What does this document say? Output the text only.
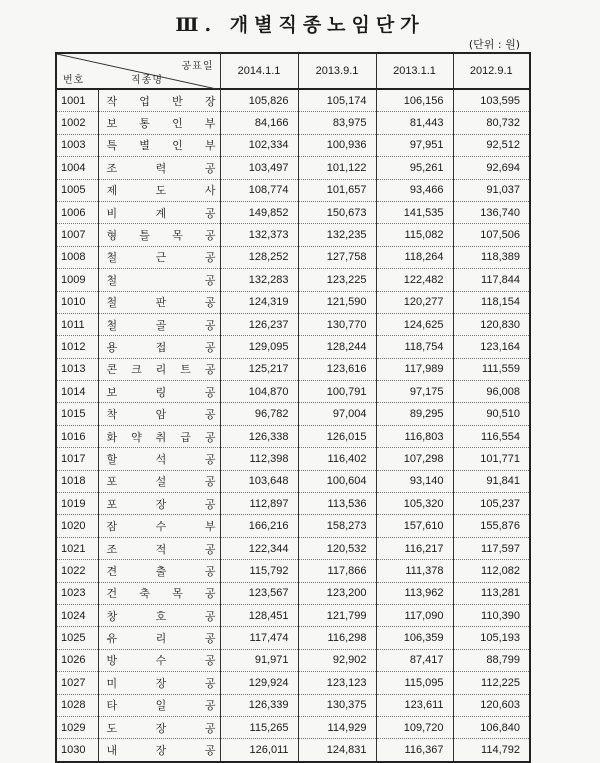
Ⅲ. 개별직종노임단가
(단위 : 원)
공표일
번호 직종명		2014.1.1	2013.9.1	2013.1.1	2012.9.1
1001	작 업 반 장	105,826	105,174	106,156	103,595
1002	보 통 인 부	84,166	83,975	81,443	80,732
1003	특 별 인 부	102,334	100,936	97,951	92,512
1004	조 력 공	103,497	101,122	95,261	92,694
1005	제 도 사	108,774	101,657	93,466	91,037
1006	비 계 공	149,852	150,673	141,535	136,740
1007	형 틀 목 공	132,373	132,235	115,082	107,506
1008	철 근 공	128,252	127,758	118,264	118,389
1009	철 공	132,283	123,225	122,482	117,844
1010	철 판 공	124,319	121,590	120,277	118,154
1011	철 골 공	126,237	130,770	124,625	120,830
1012	용 접 공	129,095	128,244	118,754	123,164
1013	콘 크 리 트 공	125,217	123,616	117,989	111,559
1014	보 링 공	104,870	100,791	97,175	96,008
1015	착 암 공	96,782	97,004	89,295	90,510
1016	화 약 취 급 공	126,338	126,015	116,803	116,554
1017	할 석 공	112,398	116,402	107,298	101,771
1018	포 설 공	103,648	100,604	93,140	91,841
1019	포 장 공	112,897	113,536	105,320	105,237
1020	잠 수 부	166,216	158,273	157,610	155,876
1021	조 적 공	122,344	120,532	116,217	117,597
1022	견 출 공	115,792	117,866	111,378	112,082
1023	건 축 목 공	123,567	123,200	113,962	113,281
1024	창 호 공	128,451	121,799	117,090	110,390
1025	유 리 공	117,474	116,298	106,359	105,193
1026	방 수 공	91,971	92,902	87,417	88,799
1027	미 장 공	129,924	123,123	115,095	112,225
1028	타 일 공	126,339	130,375	123,611	120,603
1029	도 장 공	115,265	114,929	109,720	106,840
1030	내 장 공	126,011	124,831	116,367	114,792
